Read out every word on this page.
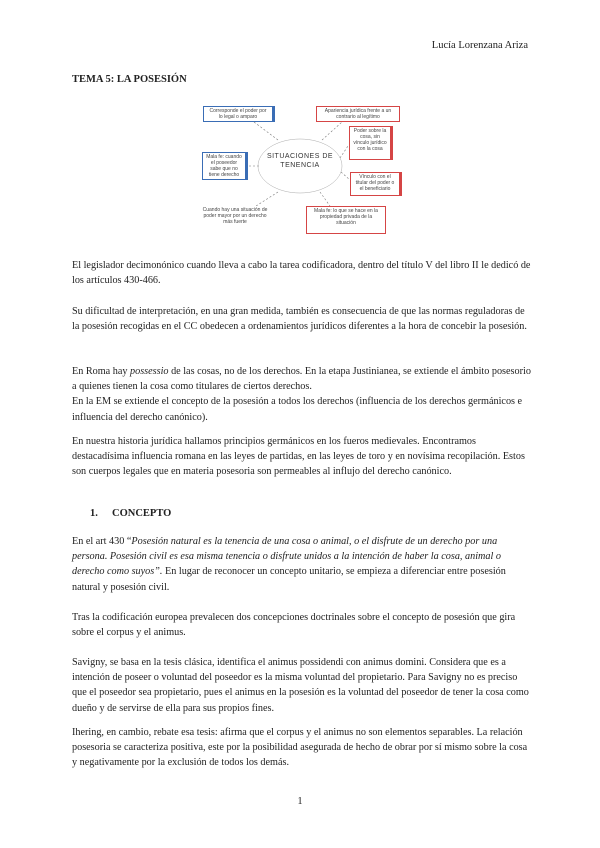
Lucía Lorenzana Ariza
TEMA 5: LA POSESIÓN
SITUACIONES DE TENENCIA
Corresponde el poder por lo legal o amparo
Apariencia jurídica frente a un contrario al legítimo
Poder sobre la cosa, sin vínculo jurídico con la cosa
Mala fe: cuando el poseedor sabe que no tiene derecho	Vínculo con el titular del poder o el beneficiario
Mala fe: lo que se hace en la propiedad privada de la situación
Cuando hay una situación de poder mayor por un derecho más fuerte
El legislador decimonónico cuando lleva a cabo la tarea codificadora, dentro del título V del libro II le dedicó de los artículos 430-466.
Su dificultad de interpretación, en una gran medida, también es consecuencia de que las normas reguladoras de la posesión recogidas en el CC obedecen a ordenamientos jurídicos diferentes a la hora de concebir la posesión.
En Roma hay possessio de las cosas, no de los derechos. En la etapa Justinianea, se extiende el ámbito posesorio a quienes tienen la cosa como titulares de ciertos derechos.
En la EM se extiende el concepto de la posesión a todos los derechos (influencia de los derechos germánicos e influencia del derecho canónico).
En nuestra historia jurídica hallamos principios germánicos en los fueros medievales. Encontramos destacadísima influencia romana en las leyes de partidas, en las leyes de toro y en novísima recopilación. Estos son cuerpos legales que en materia posesoria son permeables al influjo del derecho canónico.
1. CONCEPTO
En el art 430 “Posesión natural es la tenencia de una cosa o animal, o el disfrute de un derecho por una persona. Posesión civil es esa misma tenencia o disfrute unidos a la intención de haber la cosa, animal o derecho como suyos”. En lugar de reconocer un concepto unitario, se empieza a diferenciar entre posesión natural y posesión civil.
Tras la codificación europea prevalecen dos concepciones doctrinales sobre el concepto de posesión que gira sobre el corpus y el animus.
Savigny, se basa en la tesis clásica, identifica el animus possidendi con animus domini. Considera que es a intención de poseer o voluntad del poseedor es la misma voluntad del propietario. Para Savigny no es preciso que el poseedor sea propietario, pues el animus en la posesión es la voluntad del poseedor de tener la cosa como dueño y de servirse de ella para sus propios fines.
Ihering, en cambio, rebate esa tesis: afirma que el corpus y el animus no son elementos separables. La relación posesoria se caracteriza positiva, este por la posibilidad asegurada de hecho de obrar por sí mismo sobre la cosa y negativamente por la exclusión de todos los demás.
1
